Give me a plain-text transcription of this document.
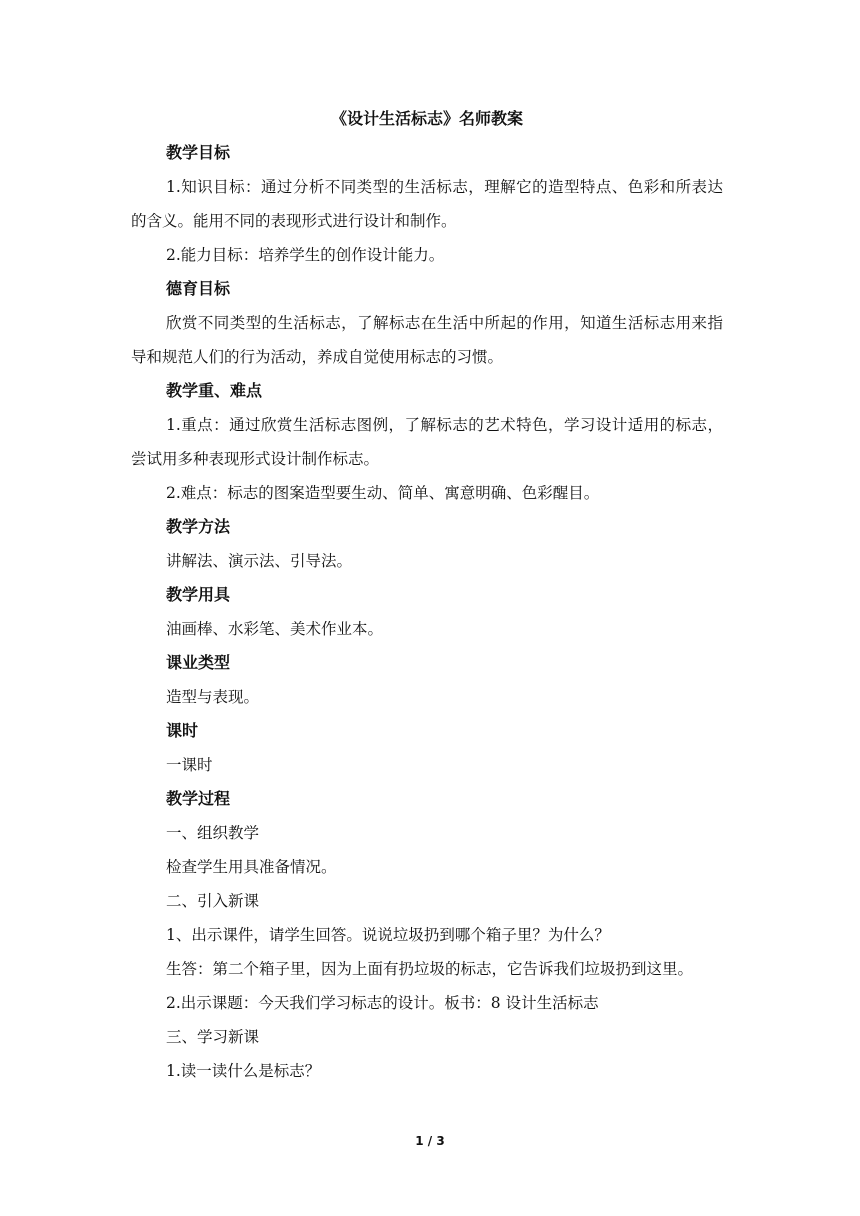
《设计生活标志》名师教案

教学目标

1.知识目标：通过分析不同类型的生活标志，理解它的造型特点、色彩和所表达的含义。能用不同的表现形式进行设计和制作。

2.能力目标：培养学生的创作设计能力。

德育目标

欣赏不同类型的生活标志，了解标志在生活中所起的作用，知道生活标志用来指导和规范人们的行为活动，养成自觉使用标志的习惯。

教学重、难点

1.重点：通过欣赏生活标志图例，了解标志的艺术特色，学习设计适用的标志，尝试用多种表现形式设计制作标志。

2.难点：标志的图案造型要生动、简单、寓意明确、色彩醒目。

教学方法

讲解法、演示法、引导法。

教学用具

油画棒、水彩笔、美术作业本。

课业类型

造型与表现。

课时

一课时

教学过程

一、组织教学

检查学生用具准备情况。

二、引入新课

1、出示课件，请学生回答。说说垃圾扔到哪个箱子里？为什么？

生答：第二个箱子里，因为上面有扔垃圾的标志，它告诉我们垃圾扔到这里。

2.出示课题：今天我们学习标志的设计。板书：8 设计生活标志

三、学习新课

1.读一读什么是标志？

1 / 3
